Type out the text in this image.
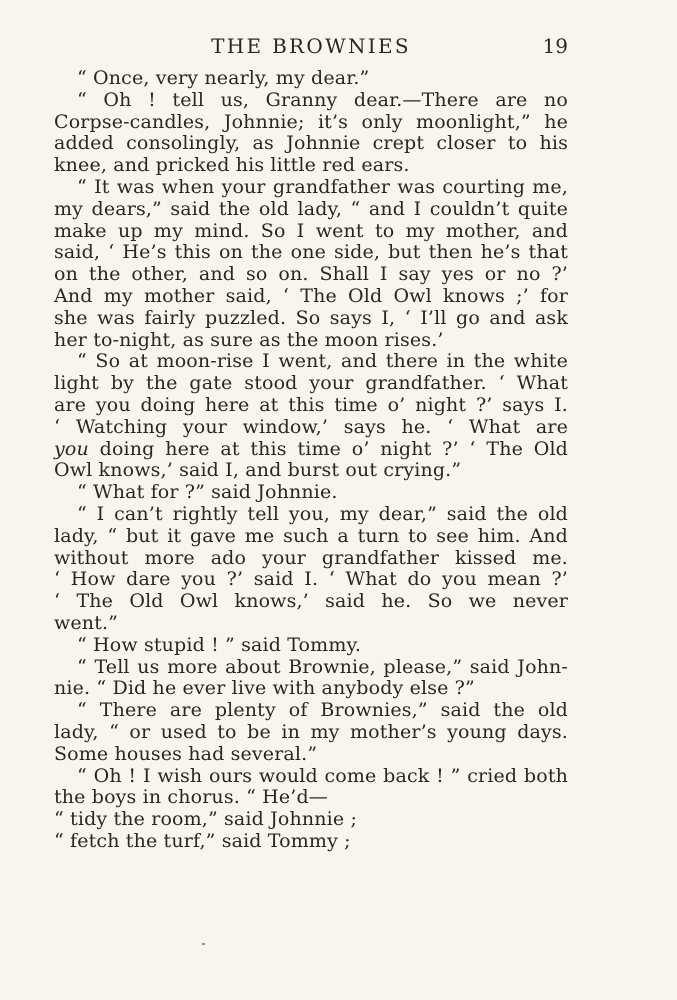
THE BROWNIES	19
“ Once, very nearly, my dear.”
“ Oh ! tell us, Granny dear.—There are no
Corpse-candles, Johnnie; it’s only moonlight,” he
added consolingly, as Johnnie crept closer to his
knee, and pricked his little red ears.
“ It was when your grandfather was courting me,
my dears,” said the old lady, “ and I couldn’t quite
make up my mind. So I went to my mother, and
said, ‘ He’s this on the one side, but then he’s that
on the other, and so on. Shall I say yes or no ?’
And my mother said, ‘ The Old Owl knows ;’ for
she was fairly puzzled. So says I, ‘ I’ll go and ask
her to-night, as sure as the moon rises.’
“ So at moon-rise I went, and there in the white
light by the gate stood your grandfather. ‘ What
are you doing here at this time o’ night ?’ says I.
‘ Watching your window,’ says he. ‘ What are
you doing here at this time o’ night ?’ ‘ The Old
Owl knows,’ said I, and burst out crying.”
“ What for ?” said Johnnie.
“ I can’t rightly tell you, my dear,” said the old
lady, “ but it gave me such a turn to see him. And
without more ado your grandfather kissed me.
‘ How dare you ?’ said I. ‘ What do you mean ?’
‘ The Old Owl knows,’ said he. So we never
went.”
“ How stupid ! ” said Tommy.
“ Tell us more about Brownie, please,” said John-
nie. “ Did he ever live with anybody else ?”
“ There are plenty of Brownies,” said the old
lady, “ or used to be in my mother’s young days.
Some houses had several.”
“ Oh ! I wish ours would come back ! ” cried both
the boys in chorus. “ He’d—
“ tidy the room,” said Johnnie ;
“ fetch the turf,” said Tommy ;
